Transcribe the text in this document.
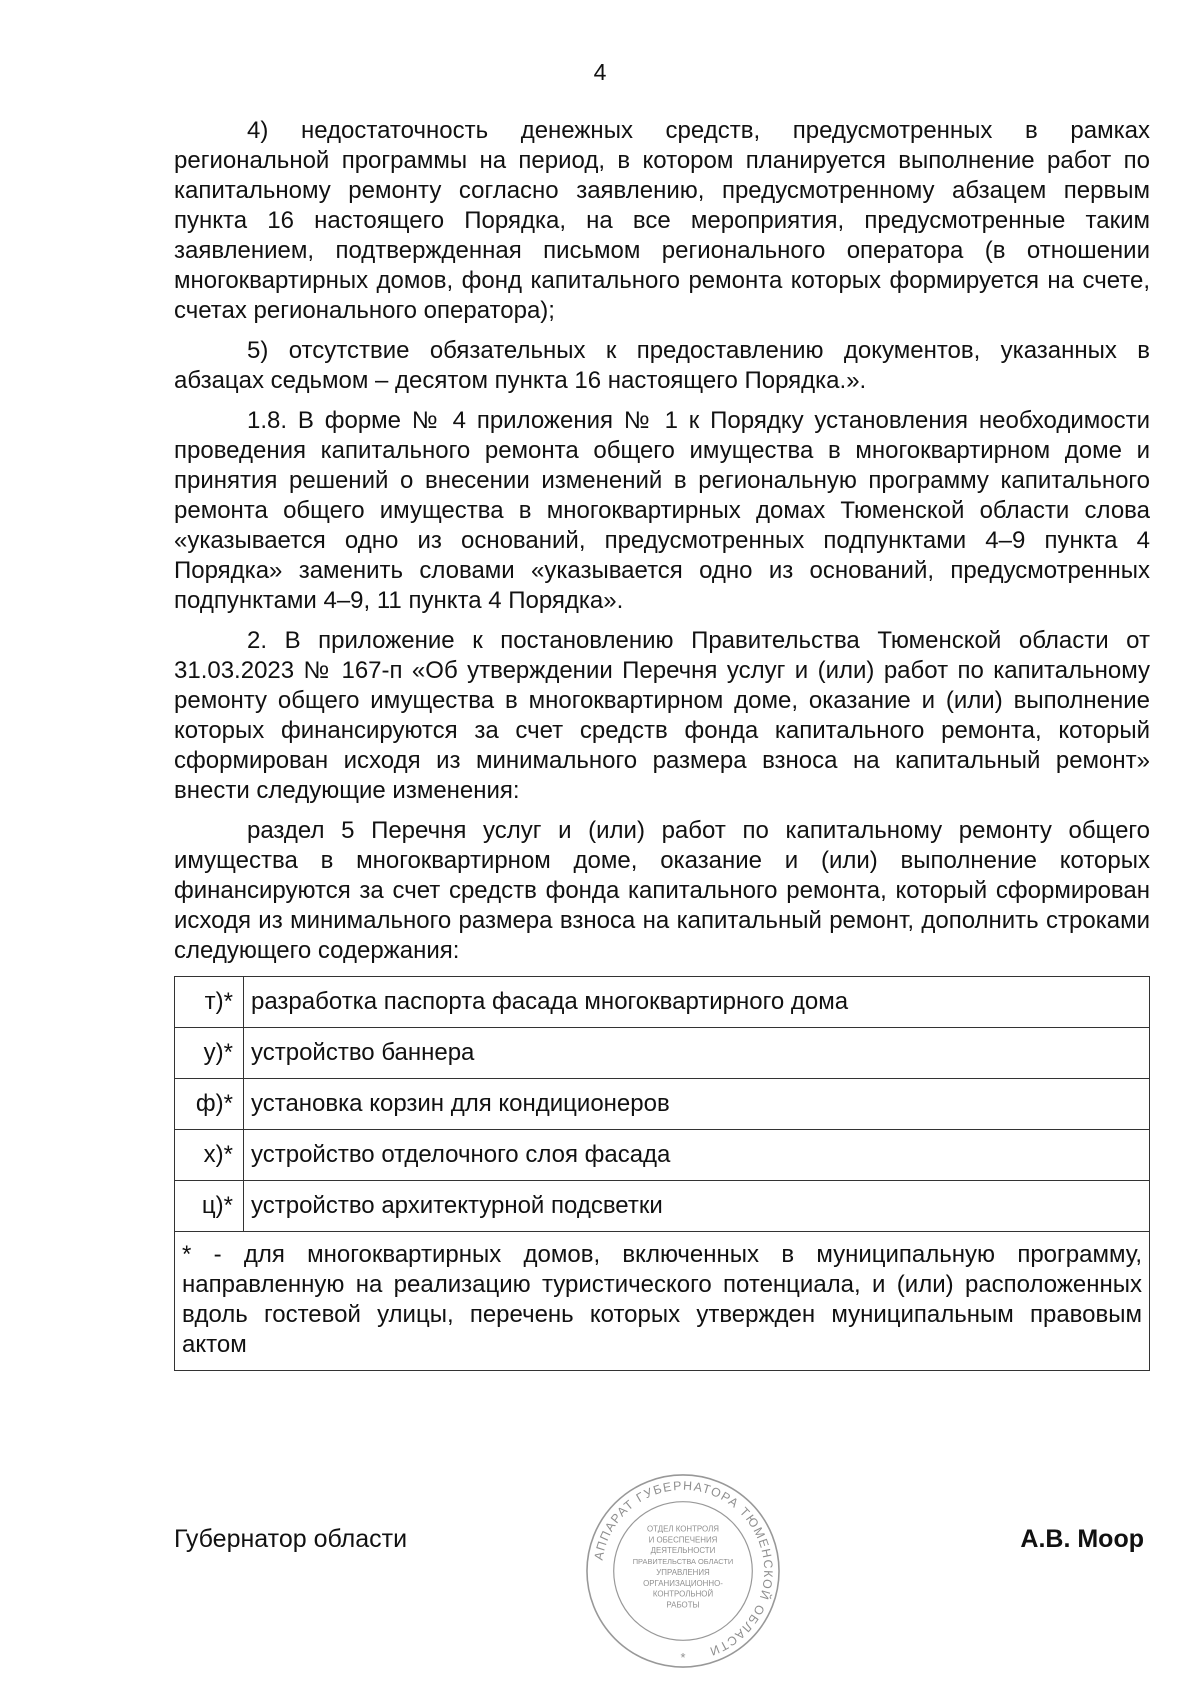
4

4) недостаточность денежных средств, предусмотренных в рамках региональной программы на период, в котором планируется выполнение работ по капитальному ремонту согласно заявлению, предусмотренному абзацем первым пункта 16 настоящего Порядка, на все мероприятия, предусмотренные таким заявлением, подтвержденная письмом регионального оператора (в отношении многоквартирных домов, фонд капитального ремонта которых формируется на счете, счетах регионального оператора);

5) отсутствие обязательных к предоставлению документов, указанных в абзацах седьмом – десятом пункта 16 настоящего Порядка.».

1.8. В форме № 4 приложения № 1 к Порядку установления необходимости проведения капитального ремонта общего имущества в многоквартирном доме и принятия решений о внесении изменений в региональную программу капитального ремонта общего имущества в многоквартирных домах Тюменской области слова «указывается одно из оснований, предусмотренных подпунктами 4–9 пункта 4 Порядка» заменить словами «указывается одно из оснований, предусмотренных подпунктами 4–9, 11 пункта 4 Порядка».

2. В приложение к постановлению Правительства Тюменской области от 31.03.2023 № 167-п «Об утверждении Перечня услуг и (или) работ по капитальному ремонту общего имущества в многоквартирном доме, оказание и (или) выполнение которых финансируются за счет средств фонда капитального ремонта, который сформирован исходя из минимального размера взноса на капитальный ремонт» внести следующие изменения:

раздел 5 Перечня услуг и (или) работ по капитальному ремонту общего имущества в многоквартирном доме, оказание и (или) выполнение которых финансируются за счет средств фонда капитального ремонта, который сформирован исходя из минимального размера взноса на капитальный ремонт, дополнить строками следующего содержания:

т)*	разработка паспорта фасада многоквартирного дома
у)*	устройство баннера
ф)*	установка корзин для кондиционеров
х)*	устройство отделочного слоя фасада
ц)*	устройство архитектурной подсветки
* - для многоквартирных домов, включенных в муниципальную программу, направленную на реализацию туристического потенциала, и (или) расположенных вдоль гостевой улицы, перечень которых утвержден муниципальным правовым актом	
Губернатор области
АППАРАТ ГУБЕРНАТОРА ТЮМЕНСКОЙ ОБЛАСТИ
ОТДЕЛ КОНТРОЛЯ
И ОБЕСПЕЧЕНИЯ
ДЕЯТЕЛЬНОСТИ
ПРАВИТЕЛЬСТВА ОБЛАСТИ
УПРАВЛЕНИЯ
ОРГАНИЗАЦИОННО-
КОНТРОЛЬНОЙ
РАБОТЫ
*
А.В. Моор
